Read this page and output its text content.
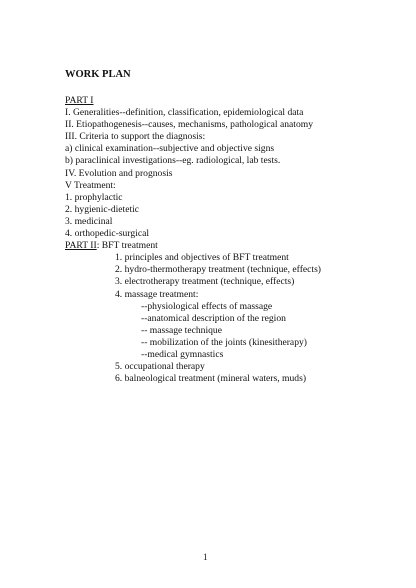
WORK PLAN
PART I
I. Generalities--definition, classification, epidemiological data
II. Etiopathogenesis--causes, mechanisms, pathological anatomy
III. Criteria to support the diagnosis:
a) clinical examination--subjective and objective signs
b) paraclinical investigations--eg. radiological, lab tests.
IV. Evolution and prognosis
V Treatment:
1. prophylactic
2. hygienic-dietetic
3. medicinal
4. orthopedic-surgical
PART II: BFT treatment
1. principles and objectives of BFT treatment
2. hydro-thermotherapy treatment (technique, effects)
3. electrotherapy treatment (technique, effects)
4. massage treatment:
--physiological effects of massage
--anatomical description of the region
-- massage technique
-- mobilization of the joints (kinesitherapy)
--medical gymnastics
5. occupational therapy
6. balneological treatment (mineral waters, muds)
1
